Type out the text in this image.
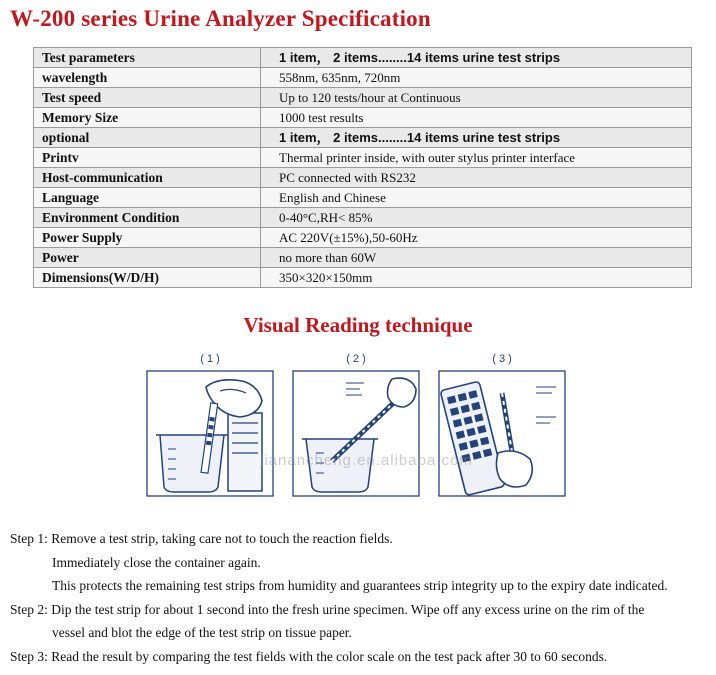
W-200 series Urine Analyzer Specification
Test parameters	1 item， 2 items........14 items urine test strips
wavelength	558nm, 635nm, 720nm
Test speed	Up to 120 tests/hour at Continuous
Memory Size	1000 test results
optional	1 item， 2 items........14 items urine test strips
Printv	Thermal printer inside, with outer stylus printer interface
Host-communication	PC connected with RS232
Language	English and Chinese
Environment Condition	0-40°C,RH< 85%
Power Supply	AC 220V(±15%),50-60Hz
Power	no more than 60W
Dimensions(W/D/H)	350×320×150mm
Visual Reading technique
( 1 )	( 2 )	( 3 )
jianancheng.en.alibaba.com
Step 1: Remove a test strip, taking care not to touch the reaction fields.
Immediately close the container again.
This protects the remaining test strips from humidity and guarantees strip integrity up to the expiry date indicated.
Step 2: Dip the test strip for about 1 second into the fresh urine specimen. Wipe off any excess urine on the rim of the
vessel and blot the edge of the test strip on tissue paper.
Step 3: Read the result by comparing the test fields with the color scale on the test pack after 30 to 60 seconds.
